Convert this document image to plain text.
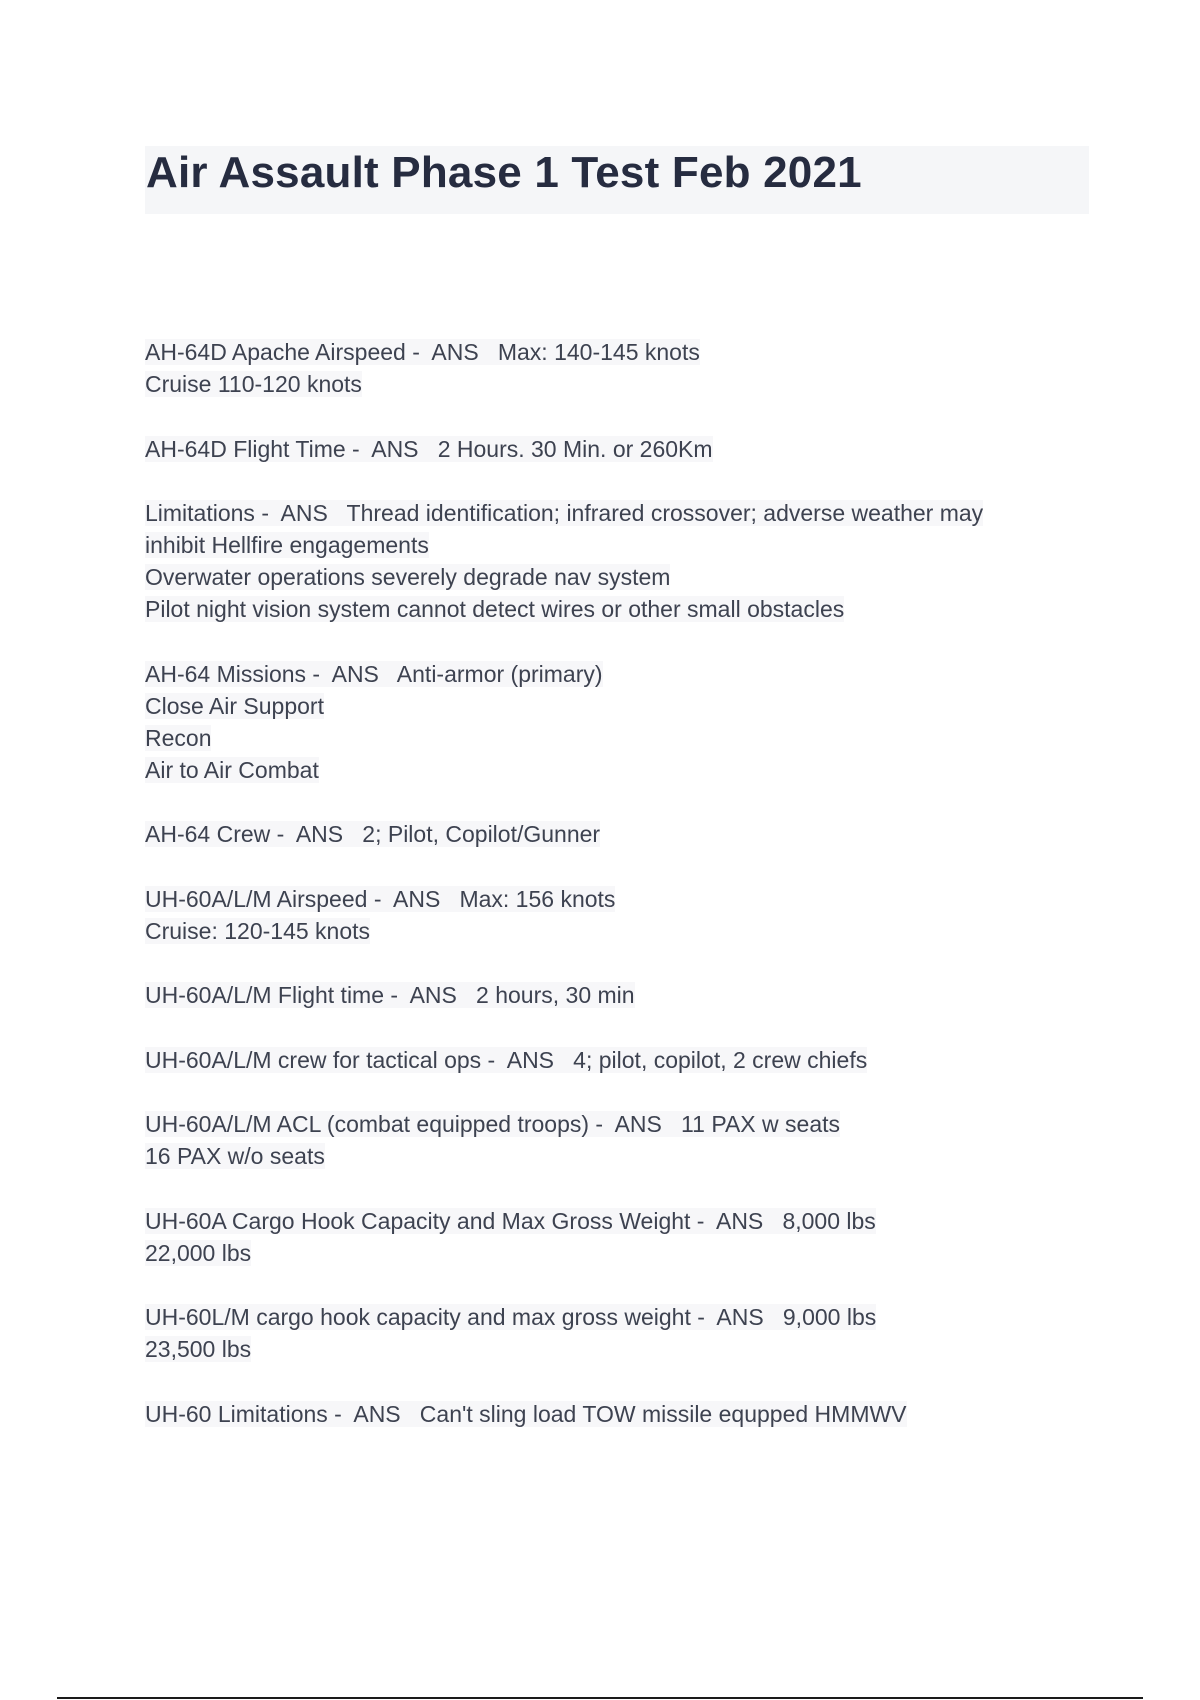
Air Assault Phase 1 Test Feb 2021
AH-64D Apache Airspeed -  ANS   Max: 140-145 knots
Cruise 110-120 knots
AH-64D Flight Time -  ANS   2 Hours. 30 Min. or 260Km
Limitations -  ANS   Thread identification; infrared crossover; adverse weather may
inhibit Hellfire engagements
Overwater operations severely degrade nav system
Pilot night vision system cannot detect wires or other small obstacles
AH-64 Missions -  ANS   Anti-armor (primary)
Close Air Support
Recon
Air to Air Combat
AH-64 Crew -  ANS   2; Pilot, Copilot/Gunner
UH-60A/L/M Airspeed -  ANS   Max: 156 knots
Cruise: 120-145 knots
UH-60A/L/M Flight time -  ANS   2 hours, 30 min
UH-60A/L/M crew for tactical ops -  ANS   4; pilot, copilot, 2 crew chiefs
UH-60A/L/M ACL (combat equipped troops) -  ANS   11 PAX w seats
16 PAX w/o seats
UH-60A Cargo Hook Capacity and Max Gross Weight -  ANS   8,000 lbs
22,000 lbs
UH-60L/M cargo hook capacity and max gross weight -  ANS   9,000 lbs
23,500 lbs
UH-60 Limitations -  ANS   Can't sling load TOW missile equpped HMMWV
